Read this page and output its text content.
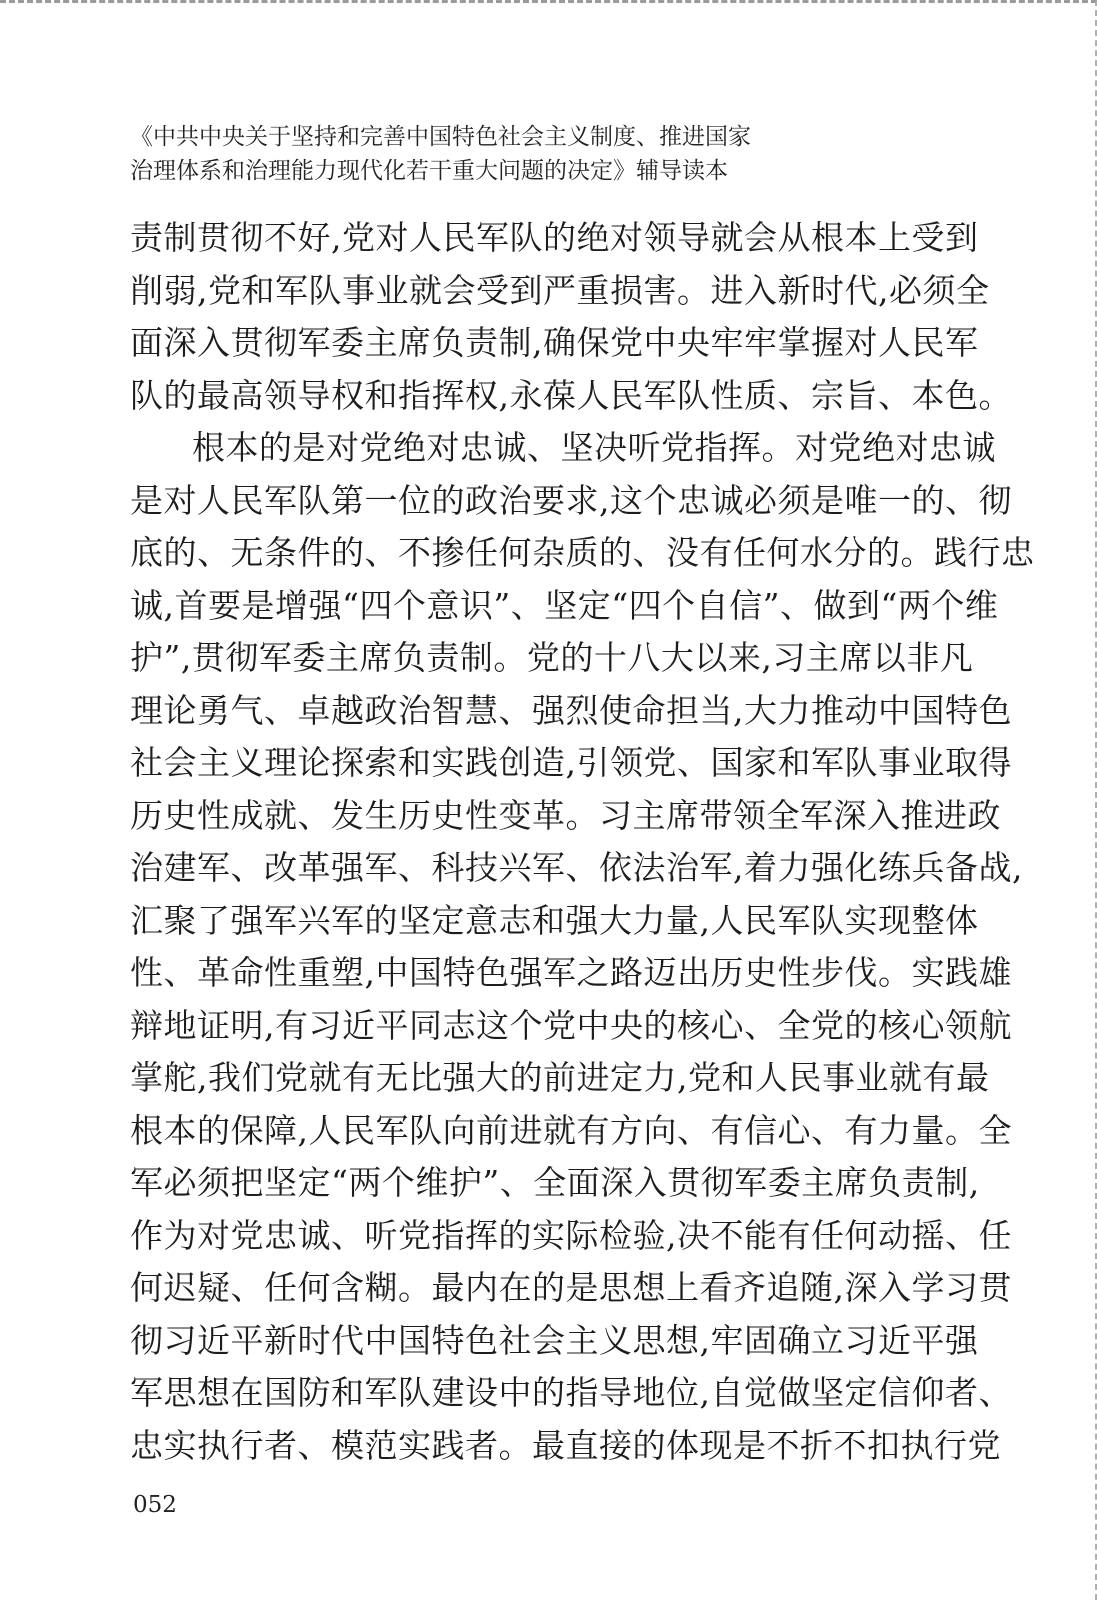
《中共中央关于坚持和完善中国特色社会主义制度、推进国家
治理体系和治理能力现代化若干重大问题的决定》辅导读本
责制贯彻不好,党对人民军队的绝对领导就会从根本上受到
削弱,党和军队事业就会受到严重损害。进入新时代,必须全
面深入贯彻军委主席负责制,确保党中央牢牢掌握对人民军
队的最高领导权和指挥权,永葆人民军队性质、宗旨、本色。
根本的是对党绝对忠诚、坚决听党指挥。对党绝对忠诚
是对人民军队第一位的政治要求,这个忠诚必须是唯一的、彻
底的、无条件的、不掺任何杂质的、没有任何水分的。践行忠
诚,首要是增强“四个意识”、坚定“四个自信”、做到“两个维
护”,贯彻军委主席负责制。党的十八大以来,习主席以非凡
理论勇气、卓越政治智慧、强烈使命担当,大力推动中国特色
社会主义理论探索和实践创造,引领党、国家和军队事业取得
历史性成就、发生历史性变革。习主席带领全军深入推进政
治建军、改革强军、科技兴军、依法治军,着力强化练兵备战,
汇聚了强军兴军的坚定意志和强大力量,人民军队实现整体
性、革命性重塑,中国特色强军之路迈出历史性步伐。实践雄
辩地证明,有习近平同志这个党中央的核心、全党的核心领航
掌舵,我们党就有无比强大的前进定力,党和人民事业就有最
根本的保障,人民军队向前进就有方向、有信心、有力量。全
军必须把坚定“两个维护”、全面深入贯彻军委主席负责制,
作为对党忠诚、听党指挥的实际检验,决不能有任何动摇、任
何迟疑、任何含糊。最内在的是思想上看齐追随,深入学习贯
彻习近平新时代中国特色社会主义思想,牢固确立习近平强
军思想在国防和军队建设中的指导地位,自觉做坚定信仰者、
忠实执行者、模范实践者。最直接的体现是不折不扣执行党
052
